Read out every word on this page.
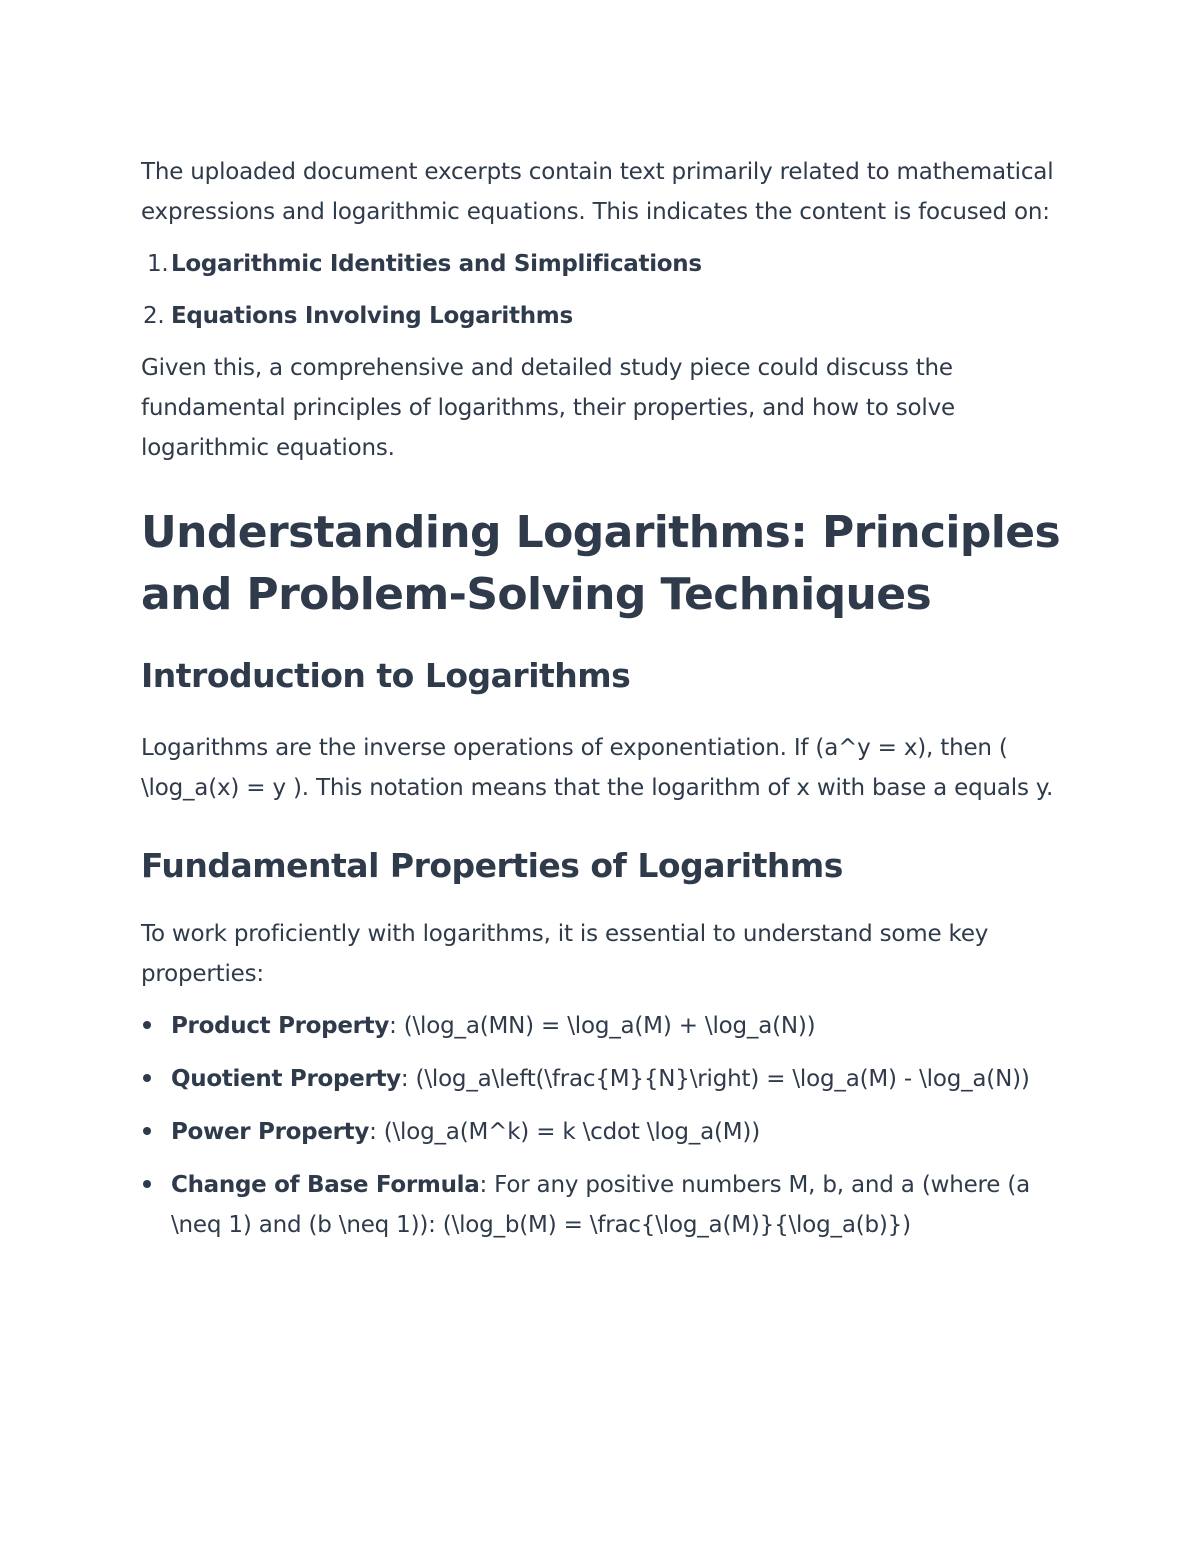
The uploaded document excerpts contain text primarily related to mathematical expressions and logarithmic equations. This indicates the content is focused on:

1. Logarithmic Identities and Simplifications
2. Equations Involving Logarithms

Given this, a comprehensive and detailed study piece could discuss the fundamental principles of logarithms, their properties, and how to solve logarithmic equations.

Understanding Logarithms: Principles and Problem-Solving Techniques
Introduction to Logarithms

Logarithms are the inverse operations of exponentiation. If (a^y = x), then ( \log_a(x) = y ). This notation means that the logarithm of x with base a equals y.

Fundamental Properties of Logarithms

To work proficiently with logarithms, it is essential to understand some key properties:

Product Property: (\log_a(MN) = \log_a(M) + \log_a(N))
Quotient Property: (\log_a\left(\frac{M}{N}\right) = \log_a(M) - \log_a(N))
Power Property: (\log_a(M^k) = k \cdot \log_a(M))
Change of Base Formula: For any positive numbers M, b, and a (where (a \neq 1) and (b \neq 1)): (\log_b(M) = \frac{\log_a(M)}{\log_a(b)})
